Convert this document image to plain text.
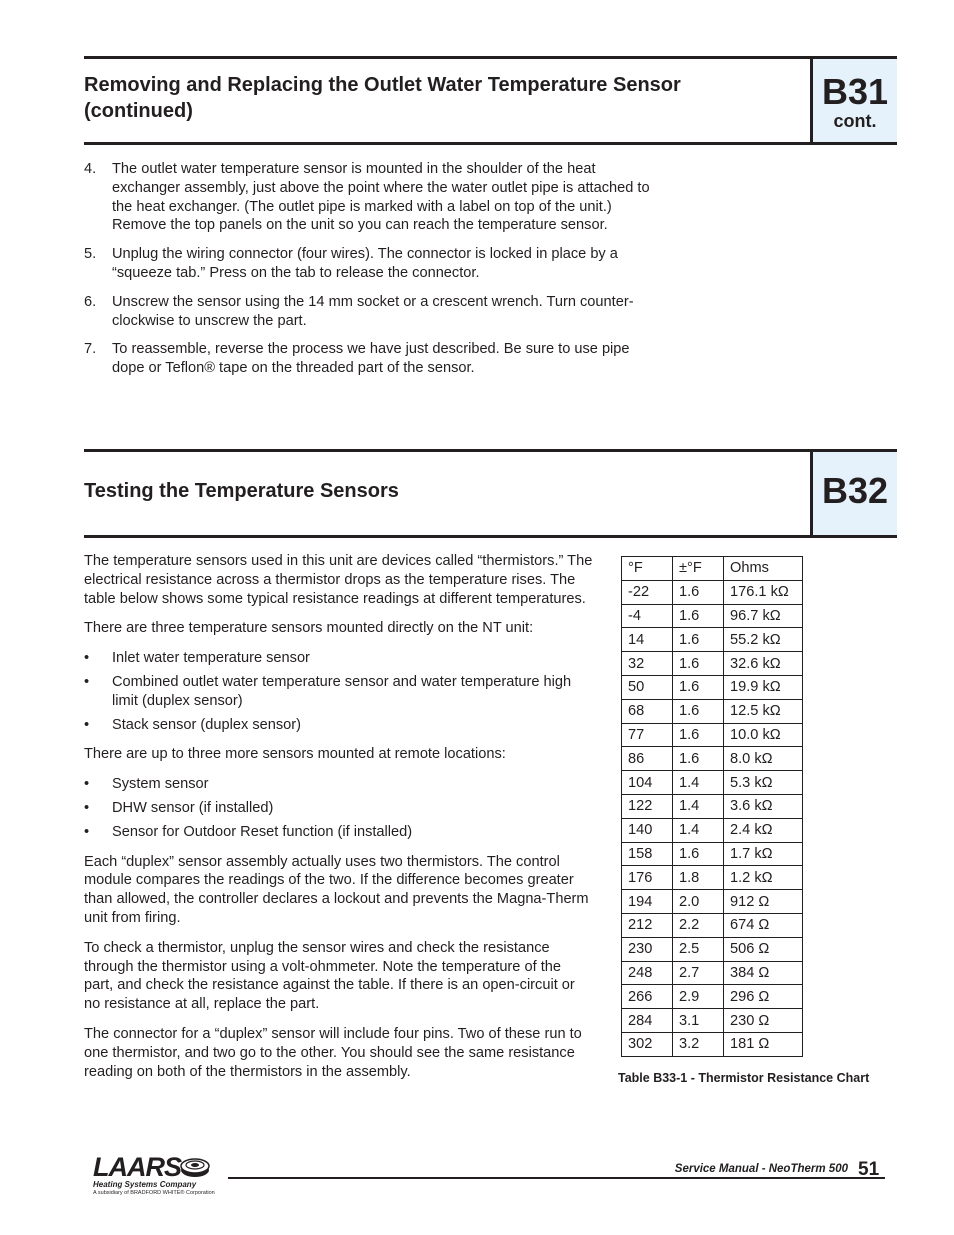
Removing and Replacing the Outlet Water Temperature Sensor
(continued)	B31
cont.
4. The outlet water temperature sensor is mounted in the shoulder of the heat exchanger assembly, just above the point where the water outlet pipe is attached to the heat exchanger. (The outlet pipe is marked with a label on top of the unit.) Remove the top panels on the unit so you can reach the temperature sensor.
5. Unplug the wiring connector (four wires). The connector is locked in place by a “squeeze tab.” Press on the tab to release the connector.
6. Unscrew the sensor using the 14 mm socket or a crescent wrench. Turn counter-clockwise to unscrew the part.
7. To reassemble, reverse the process we have just described. Be sure to use pipe dope or Teflon® tape on the threaded part of the sensor.
Testing the Temperature Sensors	B32

The temperature sensors used in this unit are devices called “thermistors.” The electrical resistance across a thermistor drops as the temperature rises. The table below shows some typical resistance readings at different temperatures.

There are three temperature sensors mounted directly on the NT unit:

• Inlet water temperature sensor
• Combined outlet water temperature sensor and water temperature high limit (duplex sensor)
• Stack sensor (duplex sensor)

There are up to three more sensors mounted at remote locations:

• System sensor
• DHW sensor (if installed)
• Sensor for Outdoor Reset function (if installed)

Each “duplex” sensor assembly actually uses two thermistors. The control module compares the readings of the two. If the difference becomes greater than allowed, the controller declares a lockout and prevents the Magna-Therm unit from firing.

To check a thermistor, unplug the sensor wires and check the resistance through the thermistor using a volt-ohmmeter. Note the temperature of the part, and check the resistance against the table. If there is an open-circuit or no resistance at all, replace the part.

The connector for a “duplex” sensor will include four pins. Two of these run to one thermistor, and two go to the other. You should see the same resistance reading on both of the thermistors in the assembly.

°F	±°F	Ohms
-22	1.6	176.1 kΩ
-4	1.6	96.7 kΩ
14	1.6	55.2 kΩ
32	1.6	32.6 kΩ
50	1.6	19.9 kΩ
68	1.6	12.5 kΩ
77	1.6	10.0 kΩ
86	1.6	8.0 kΩ
104	1.4	5.3 kΩ
122	1.4	3.6 kΩ
140	1.4	2.4 kΩ
158	1.6	1.7 kΩ
176	1.8	1.2 kΩ
194	2.0	912 Ω
212	2.2	674 Ω
230	2.5	506 Ω
248	2.7	384 Ω
266	2.9	296 Ω
284	3.1	230 Ω
302	3.2	181 Ω
Table B33-1 - Thermistor Resistance Chart
LAARS
Heating Systems Company
A subsidiary of BRADFORD WHITE® Corporation
Service Manual - NeoTherm 500 51
